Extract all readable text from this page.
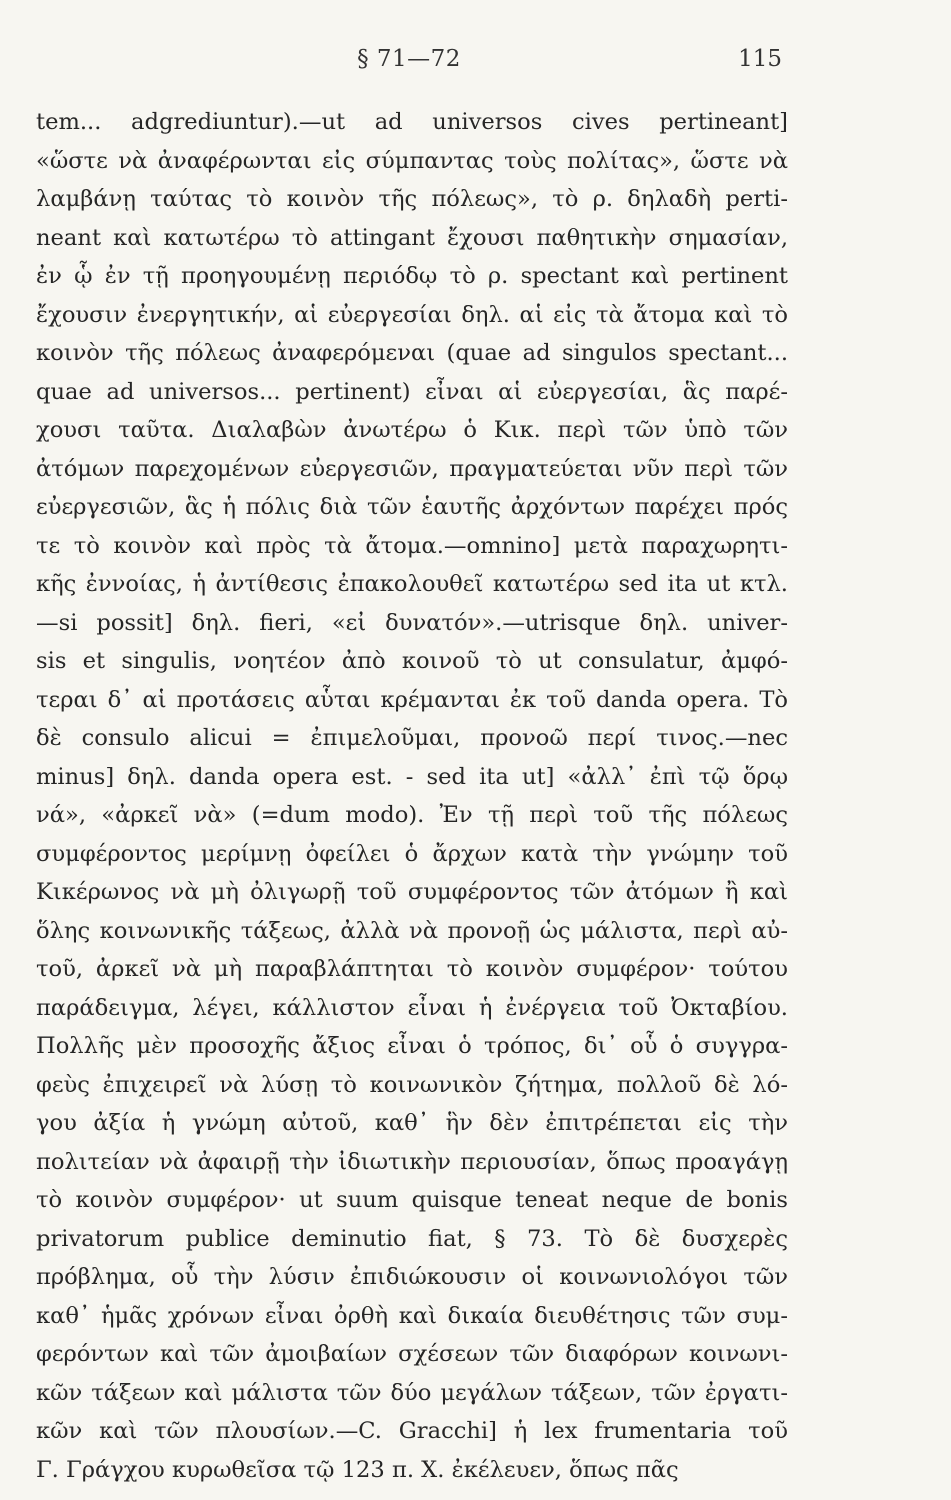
§ 71—72	115
tem... adgrediuntur).—ut ad universos cives pertineant]
«ὥστε νὰ ἀναφέρωνται εἰς σύμπαντας τοὺς πολίτας», ὥστε νὰ
λαμβάνῃ ταύτας τὸ κοινὸν τῆς πόλεως», τὸ ρ. δηλαδὴ perti-
neant καὶ κατωτέρω τὸ attingant ἔχουσι παθητικὴν σημασίαν,
ἐν ᾧ ἐν τῇ προηγουμένῃ περιόδῳ τὸ ρ. spectant καὶ pertinent
ἔχουσιν ἐνεργητικήν, αἱ εὐεργεσίαι δηλ. αἱ εἰς τὰ ἄτομα καὶ τὸ
κοινὸν τῆς πόλεως ἀναφερόμεναι (quae ad singulos spectant...
quae ad universos... pertinent) εἶναι αἱ εὐεργεσίαι, ἃς παρέ-
χουσι ταῦτα. Διαλαβὼν ἀνωτέρω ὁ Κικ. περὶ τῶν ὑπὸ τῶν
ἀτόμων παρεχομένων εὐεργεσιῶν, πραγματεύεται νῦν περὶ τῶν
εὐεργεσιῶν, ἃς ἡ πόλις διὰ τῶν ἑαυτῆς ἀρχόντων παρέχει πρός
τε τὸ κοινὸν καὶ πρὸς τὰ ἄτομα.—omnino] μετὰ παραχωρητι-
κῆς ἐννοίας, ἡ ἀντίθεσις ἐπακολουθεῖ κατωτέρω sed ita ut κτλ.
—si possit] δηλ. fieri, «εἰ δυνατόν».—utrisque δηλ. univer-
sis et singulis, νοητέον ἀπὸ κοινοῦ τὸ ut consulatur, ἀμφό-
τεραι δ᾽ αἱ προτάσεις αὗται κρέμανται ἐκ τοῦ danda opera. Τὸ
δὲ consulo alicui = ἐπιμελοῦμαι, προνοῶ περί τινος.—nec
minus] δηλ. danda opera est. - sed ita ut] «ἀλλ᾽ ἐπὶ τῷ ὅρῳ
νά», «ἀρκεῖ νὰ» (=dum modo). Ἐν τῇ περὶ τοῦ τῆς πόλεως
συμφέροντος μερίμνῃ ὀφείλει ὁ ἄρχων κατὰ τὴν γνώμην τοῦ
Κικέρωνος νὰ μὴ ὀλιγωρῇ τοῦ συμφέροντος τῶν ἀτόμων ἢ καὶ
ὅλης κοινωνικῆς τάξεως, ἀλλὰ νὰ προνοῇ ὡς μάλιστα, περὶ αὐ-
τοῦ, ἀρκεῖ νὰ μὴ παραβλάπτηται τὸ κοινὸν συμφέρον· τούτου
παράδειγμα, λέγει, κάλλιστον εἶναι ἡ ἐνέργεια τοῦ Ὀκταβίου.
Πολλῆς μὲν προσοχῆς ἄξιος εἶναι ὁ τρόπος, δι᾽ οὗ ὁ συγγρα-
φεὺς ἐπιχειρεῖ νὰ λύσῃ τὸ κοινωνικὸν ζήτημα, πολλοῦ δὲ λό-
γου ἀξία ἡ γνώμη αὐτοῦ, καθ᾽ ἣν δὲν ἐπιτρέπεται εἰς τὴν
πολιτείαν νὰ ἀφαιρῇ τὴν ἰδιωτικὴν περιουσίαν, ὅπως προαγάγῃ
τὸ κοινὸν συμφέρον· ut suum quisque teneat neque de bonis
privatorum publice deminutio fiat, § 73. Τὸ δὲ δυσχερὲς
πρόβλημα, οὗ τὴν λύσιν ἐπιδιώκουσιν οἱ κοινωνιολόγοι τῶν
καθ᾽ ἡμᾶς χρόνων εἶναι ὀρθὴ καὶ δικαία διευθέτησις τῶν συμ-
φερόντων καὶ τῶν ἀμοιβαίων σχέσεων τῶν διαφόρων κοινωνι-
κῶν τάξεων καὶ μάλιστα τῶν δύο μεγάλων τάξεων, τῶν ἐργατι-
κῶν καὶ τῶν πλουσίων.—C. Gracchi] ἡ lex frumentaria τοῦ
Γ. Γράγχου κυρωθεῖσα τῷ 123 π. Χ. ἐκέλευεν, ὅπως πᾶς
